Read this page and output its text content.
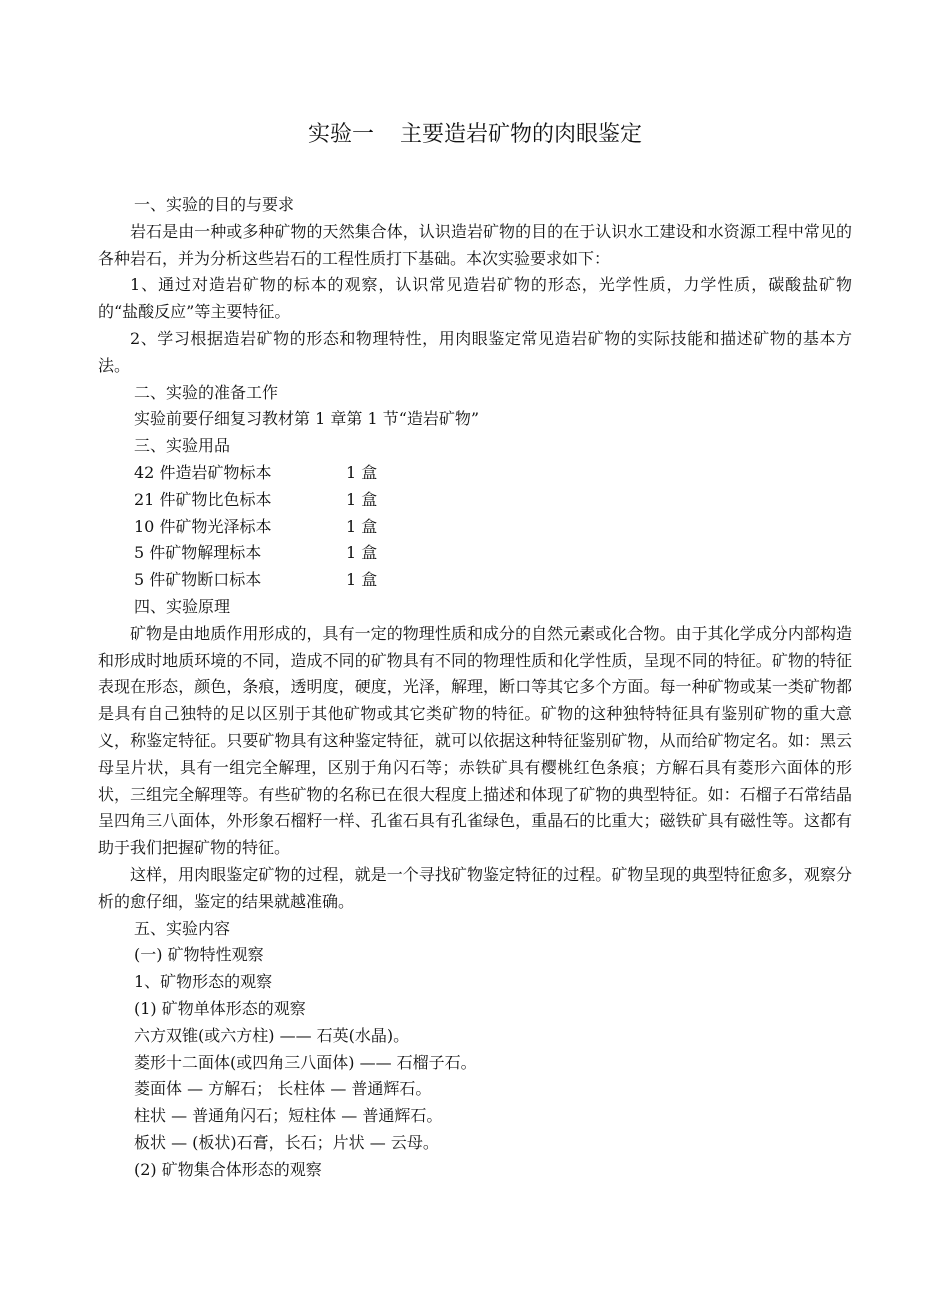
实验一 主要造岩矿物的肉眼鉴定

一、实验的目的与要求

岩石是由一种或多种矿物的天然集合体，认识造岩矿物的目的在于认识水工建设和水资源工程中常见的各种岩石，并为分析这些岩石的工程性质打下基础。本次实验要求如下：

1、通过对造岩矿物的标本的观察，认识常见造岩矿物的形态，光学性质，力学性质，碳酸盐矿物的“盐酸反应”等主要特征。

2、学习根据造岩矿物的形态和物理特性，用肉眼鉴定常见造岩矿物的实际技能和描述矿物的基本方法。

二、实验的准备工作

实验前要仔细复习教材第 1 章第 1 节“造岩矿物”

三、实验用品

42 件造岩矿物标本	1 盒
21 件矿物比色标本	1 盒
10 件矿物光泽标本	1 盒
5 件矿物解理标本	1 盒
5 件矿物断口标本	1 盒

四、实验原理

矿物是由地质作用形成的，具有一定的物理性质和成分的自然元素或化合物。由于其化学成分内部构造和形成时地质环境的不同，造成不同的矿物具有不同的物理性质和化学性质，呈现不同的特征。矿物的特征表现在形态，颜色，条痕，透明度，硬度，光泽，解理，断口等其它多个方面。每一种矿物或某一类矿物都是具有自己独特的足以区别于其他矿物或其它类矿物的特征。矿物的这种独特特征具有鉴别矿物的重大意义，称鉴定特征。只要矿物具有这种鉴定特征，就可以依据这种特征鉴别矿物，从而给矿物定名。如：黑云母呈片状，具有一组完全解理，区别于角闪石等；赤铁矿具有樱桃红色条痕；方解石具有菱形六面体的形状，三组完全解理等。有些矿物的名称已在很大程度上描述和体现了矿物的典型特征。如：石榴子石常结晶呈四角三八面体，外形象石榴籽一样、孔雀石具有孔雀绿色，重晶石的比重大；磁铁矿具有磁性等。这都有助于我们把握矿物的特征。

这样，用肉眼鉴定矿物的过程，就是一个寻找矿物鉴定特征的过程。矿物呈现的典型特征愈多，观察分析的愈仔细，鉴定的结果就越准确。

五、实验内容

(一) 矿物特性观察

1、矿物形态的观察

(1) 矿物单体形态的观察

六方双锥(或六方柱) —— 石英(水晶)。

菱形十二面体(或四角三八面体) —— 石榴子石。

菱面体 — 方解石； 长柱体 — 普通辉石。

柱状 — 普通角闪石；短柱体 — 普通辉石。

板状 — (板状)石膏，长石；片状 — 云母。

(2) 矿物集合体形态的观察
